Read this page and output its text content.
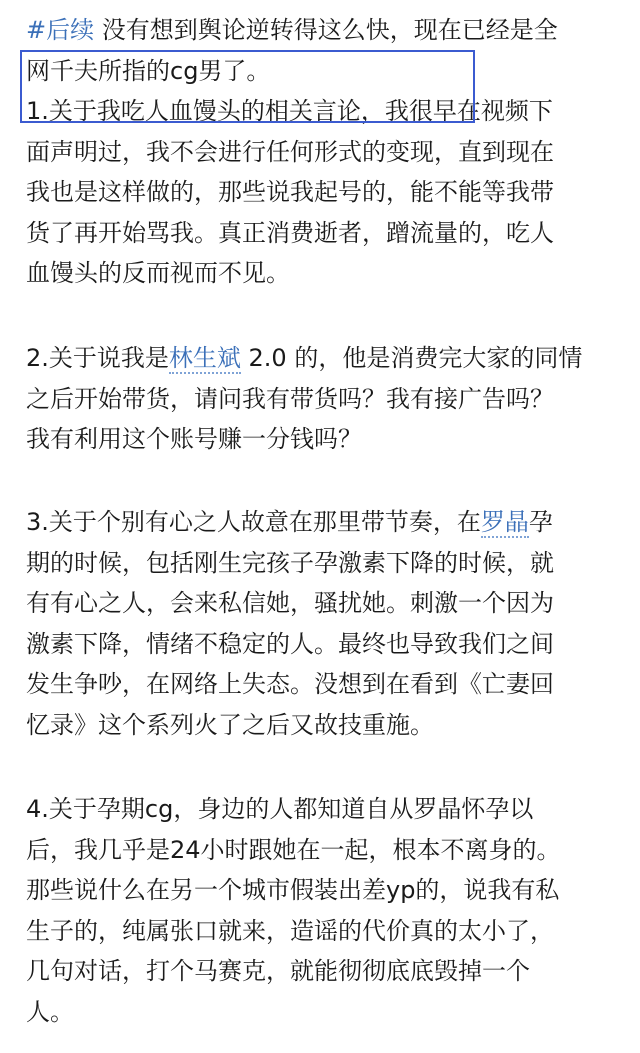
#后续 没有想到舆论逆转得这么快，现在已经是全
网千夫所指的cg男了。
1.关于我吃人血馒头的相关言论，我很早在视频下
面声明过，我不会进行任何形式的变现，直到现在
我也是这样做的，那些说我起号的，能不能等我带
货了再开始骂我。真正消费逝者，蹭流量的，吃人
血馒头的反而视而不见。
2.关于说我是林生斌 2.0 的，他是消费完大家的同情
之后开始带货，请问我有带货吗？我有接广告吗？
我有利用这个账号赚一分钱吗？
3.关于个别有心之人故意在那里带节奏，在罗晶孕
期的时候，包括刚生完孩子孕激素下降的时候，就
有有心之人，会来私信她，骚扰她。刺激一个因为
激素下降，情绪不稳定的人。最终也导致我们之间
发生争吵，在网络上失态。没想到在看到《亡妻回
忆录》这个系列火了之后又故技重施。
4.关于孕期cg，身边的人都知道自从罗晶怀孕以
后，我几乎是24小时跟她在一起，根本不离身的。
那些说什么在另一个城市假装出差yp的，说我有私
生子的，纯属张口就来，造谣的代价真的太小了，
几句对话，打个马赛克，就能彻彻底底毁掉一个
人。
